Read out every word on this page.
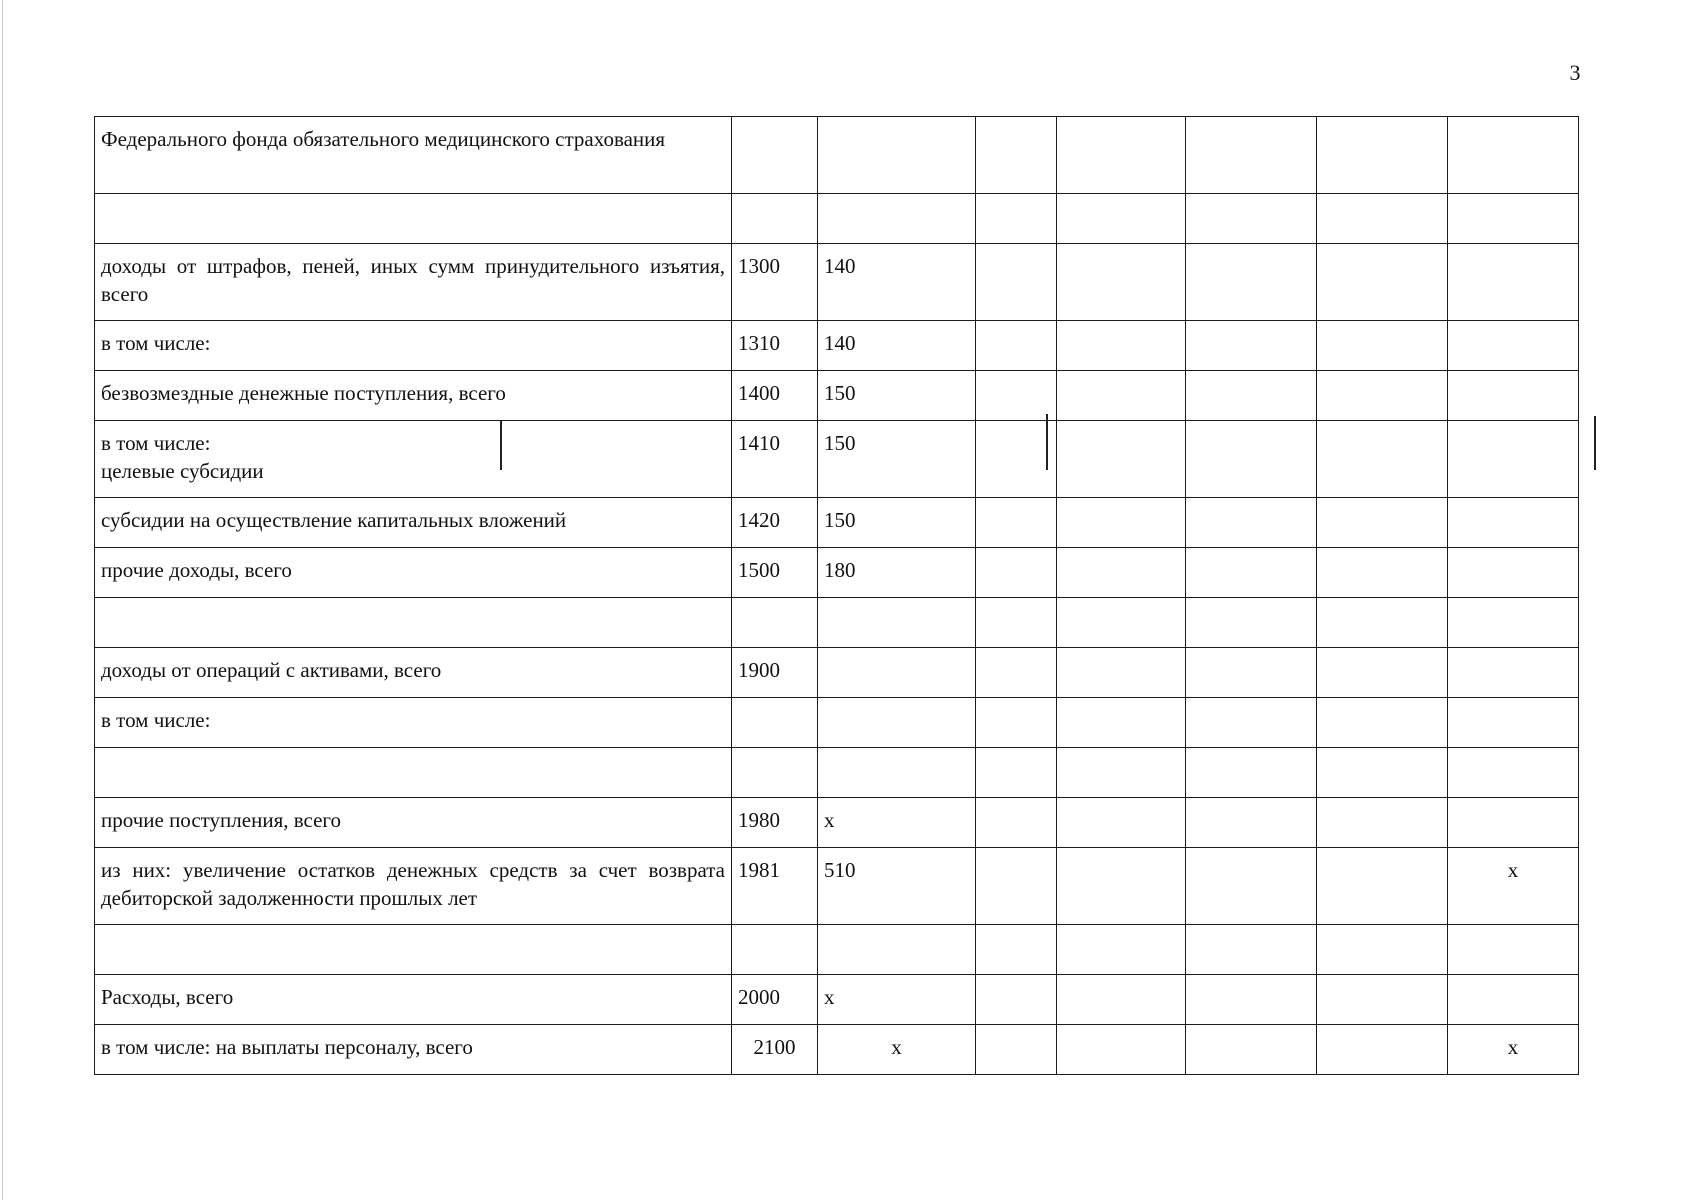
3
Федерального фонда обязательного медицинского страхования							

доходы от штрафов, пеней, иных сумм принудительного изъятия, всего	1300	140					
в том числе:	1310	140					
безвозмездные денежные поступления, всего	1400	150					
в том числе:
целевые субсидии	1410	150					
субсидии на осуществление капитальных вложений	1420	150					
прочие доходы, всего	1500	180					

доходы от операций с активами, всего	1900						
в том числе:							

прочие поступления, всего	1980	x					
из них: увеличение остатков денежных средств за счет возврата дебиторской задолженности прошлых лет	1981	510					x

Расходы, всего	2000	x					
в том числе: на выплаты персоналу, всего	2100	x					x
